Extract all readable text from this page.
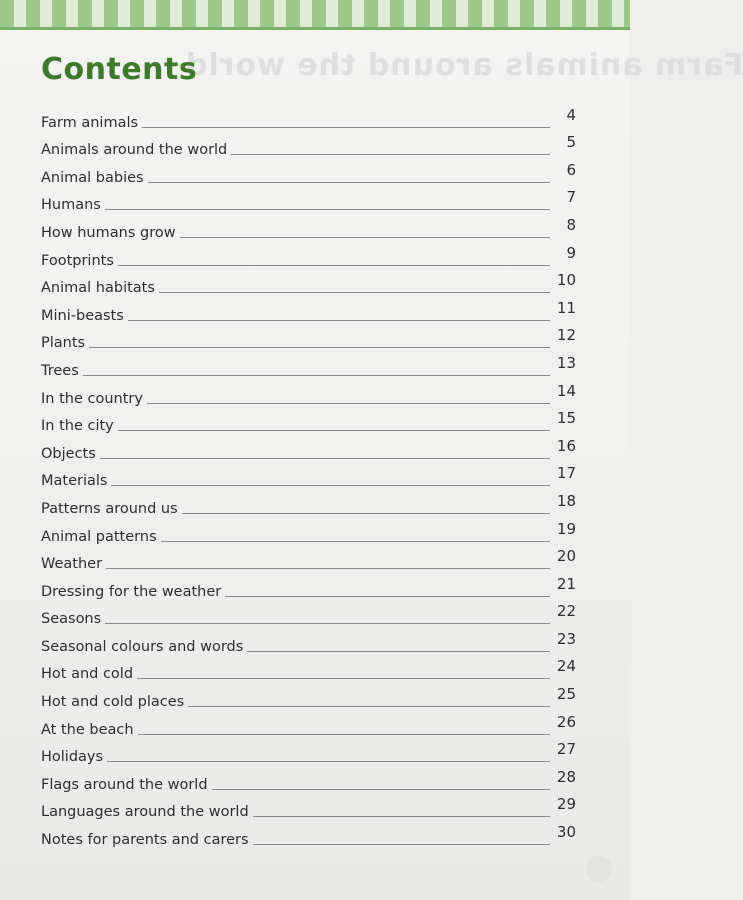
Farm animals around the world
Contents
Farm animals	4
Animals around the world	5
Animal babies	6
Humans	7
How humans grow	8
Footprints	9
Animal habitats	10
Mini-beasts	11
Plants	12
Trees	13
In the country	14
In the city	15
Objects	16
Materials	17
Patterns around us	18
Animal patterns	19
Weather	20
Dressing for the weather	21
Seasons	22
Seasonal colours and words	23
Hot and cold	24
Hot and cold places	25
At the beach	26
Holidays	27
Flags around the world	28
Languages around the world	29
Notes for parents and carers	30
